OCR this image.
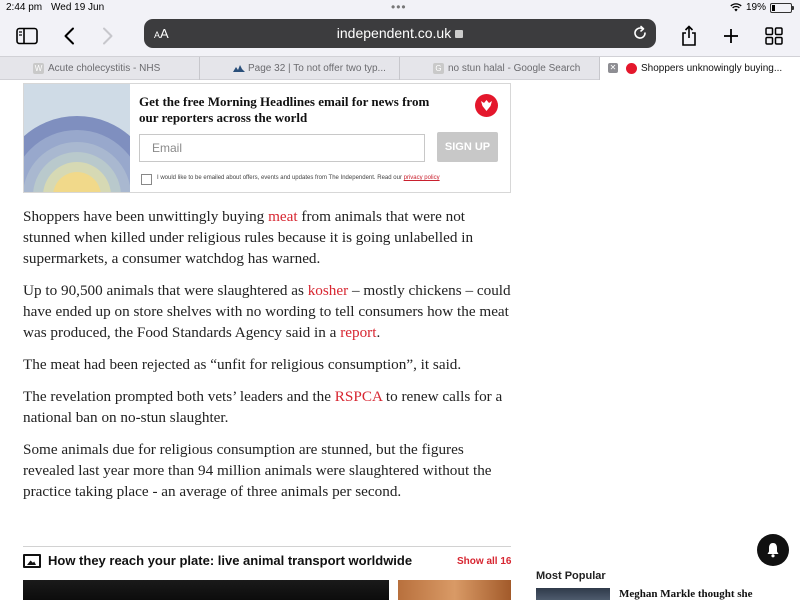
2:44 pm Wed 19 Jun	•••	19%
AA	independent.co.uk
W Acute cholecystitis - NHS	Page 32 | To not offer two typ...	G no stun halal - Google Search	✕	Shoppers unknowingly buying...
Get the free Morning Headlines email for news from our reporters across the world
Email
SIGN UP
I would like to be emailed about offers, events and updates from The Independent. Read our privacy policy

Shoppers have been unwittingly buying meat from animals that were not stunned when killed under religious rules because it is going unlabelled in supermarkets, a consumer watchdog has warned.

Up to 90,500 animals that were slaughtered as kosher – mostly chickens – could have ended up on store shelves with no wording to tell consumers how the meat was produced, the Food Standards Agency said in a report.

The meat had been rejected as “unfit for religious consumption”, it said.

The revelation prompted both vets’ leaders and the RSPCA to renew calls for a national ban on no-stun slaughter.

Some animals due for religious consumption are stunned, but the figures revealed last year more than 94 million animals were slaughtered without the practice taking place - an average of three animals per second.

How they reach your plate: live animal transport worldwide	Show all 16
Most Popular
Meghan Markle thought she
